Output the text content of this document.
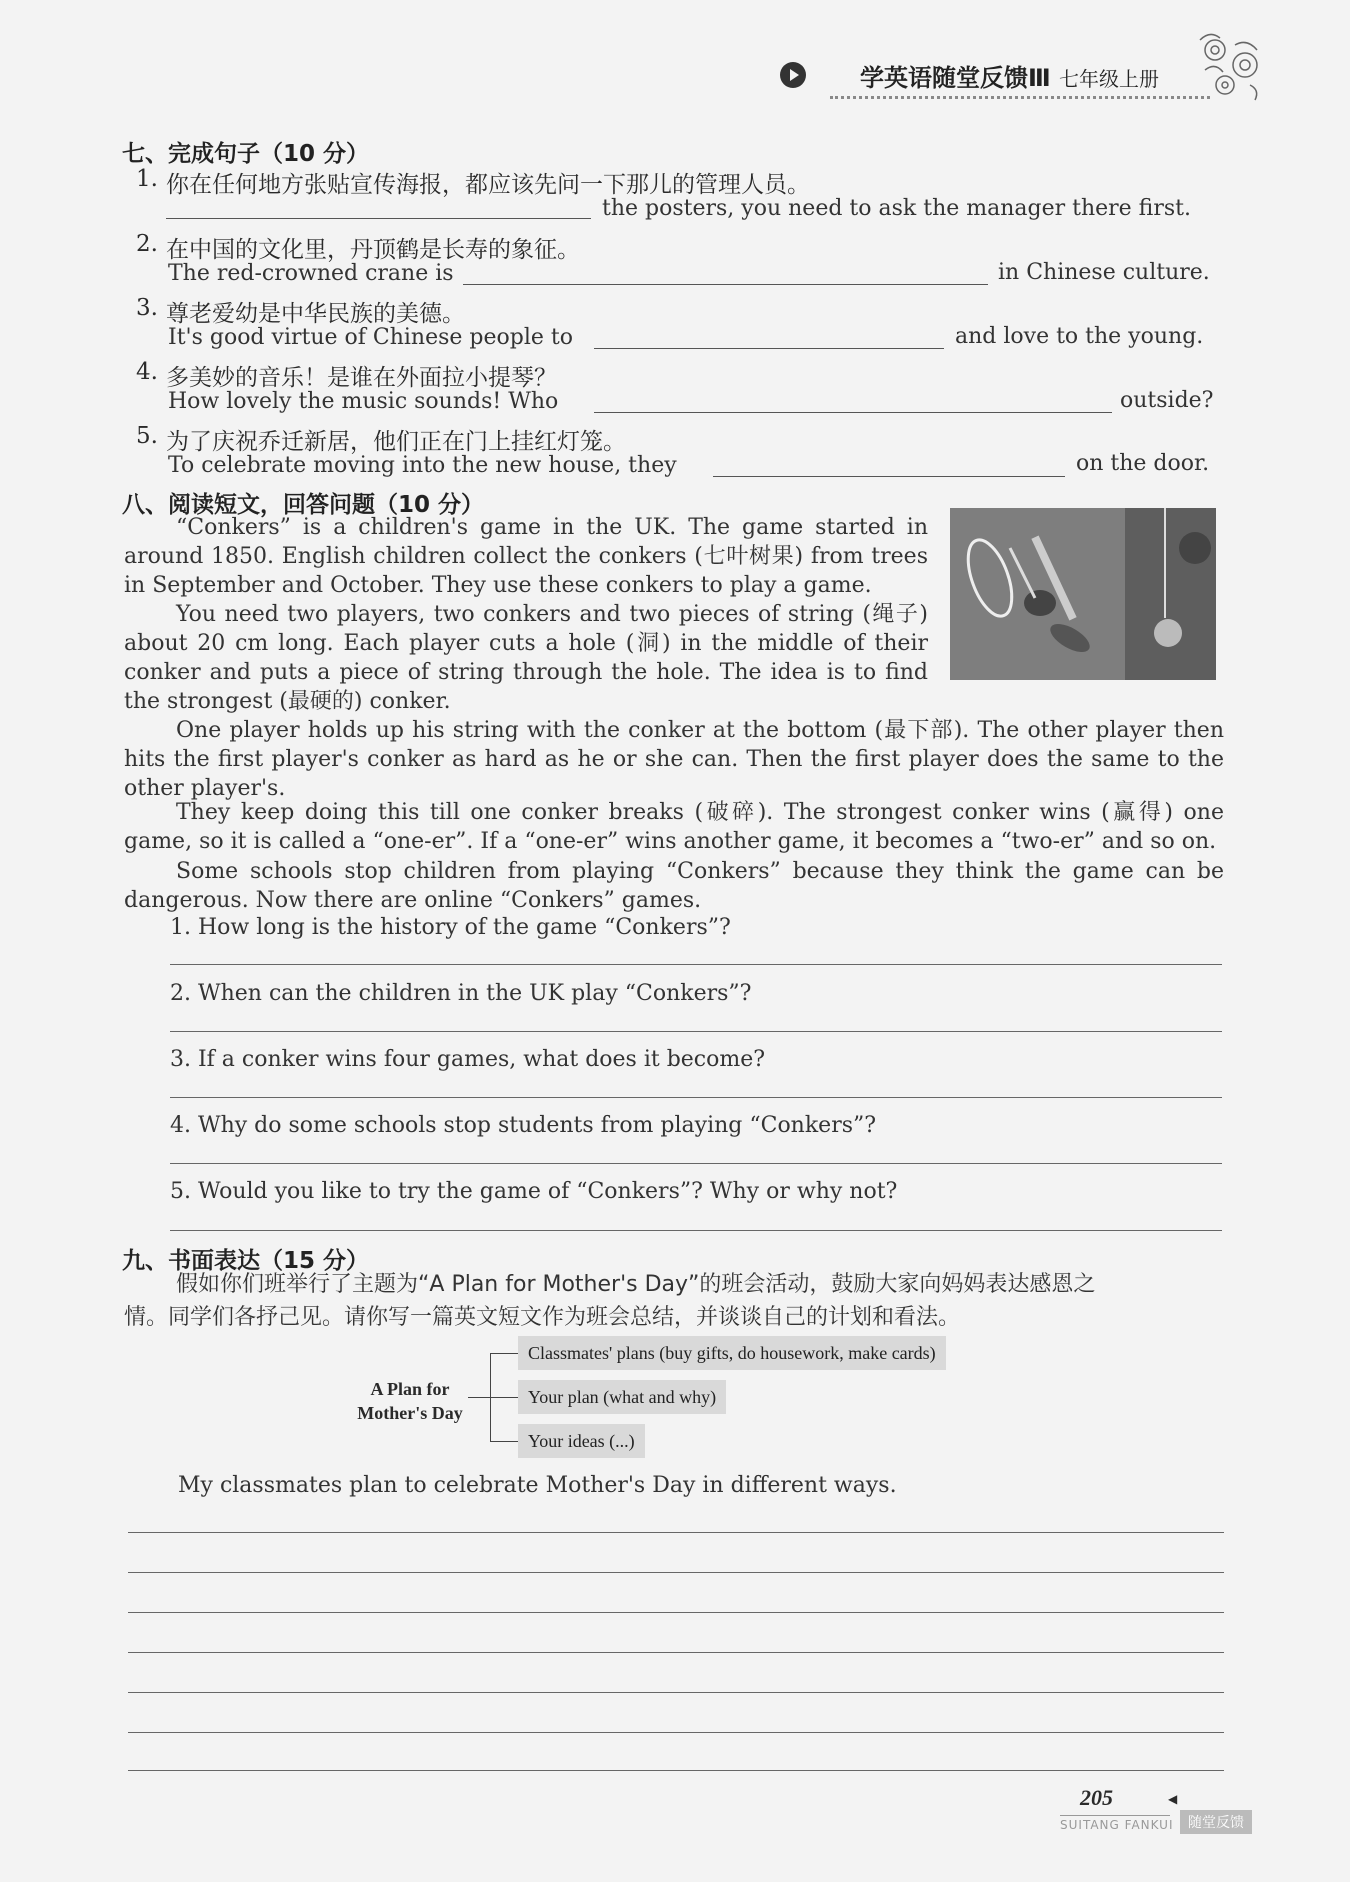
学英语随堂反馈Ⅲ 七年级上册
七、完成句子（10 分）
1. 你在任何地方张贴宣传海报，都应该先问一下那儿的管理人员。
the posters, you need to ask the manager there first.
2. 在中国的文化里，丹顶鹤是长寿的象征。
The red-crowned crane is	in Chinese culture.
3. 尊老爱幼是中华民族的美德。
It's good virtue of Chinese people to	and love to the young.
4. 多美妙的音乐！是谁在外面拉小提琴？
How lovely the music sounds! Who	outside?
5. 为了庆祝乔迁新居，他们正在门上挂红灯笼。
To celebrate moving into the new house, they	on the door.
八、阅读短文，回答问题（10 分）
“Conkers” is a children's game in the UK. The game started in around 1850. English children collect the conkers (七叶树果) from trees in September and October. They use these conkers to play a game.
You need two players, two conkers and two pieces of string (绳子) about 20 cm long. Each player cuts a hole (洞) in the middle of their conker and puts a piece of string through the hole. The idea is to find the strongest (最硬的) conker.
One player holds up his string with the conker at the bottom (最下部). The other player then hits the first player's conker as hard as he or she can. Then the first player does the same to the other player's.
They keep doing this till one conker breaks (破碎). The strongest conker wins (赢得) one game, so it is called a “one-er”. If a “one-er” wins another game, it becomes a “two-er” and so on.
Some schools stop children from playing “Conkers” because they think the game can be dangerous. Now there are online “Conkers” games.
1. How long is the history of the game “Conkers”?
2. When can the children in the UK play “Conkers”?
3. If a conker wins four games, what does it become?
4. Why do some schools stop students from playing “Conkers”?
5. Would you like to try the game of “Conkers”? Why or why not?
九、书面表达（15 分）
假如你们班举行了主题为“A Plan for Mother's Day”的班会活动，鼓励大家向妈妈表达感恩之
情。同学们各抒己见。请你写一篇英文短文作为班会总结，并谈谈自己的计划和看法。
A Plan for
Mother's Day
Classmates' plans (buy gifts, do housework, make cards)
Your plan (what and why)
Your ideas (...)
My classmates plan to celebrate Mother's Day in different ways.
205	◀
SUITANG FANKUI	随堂反馈
